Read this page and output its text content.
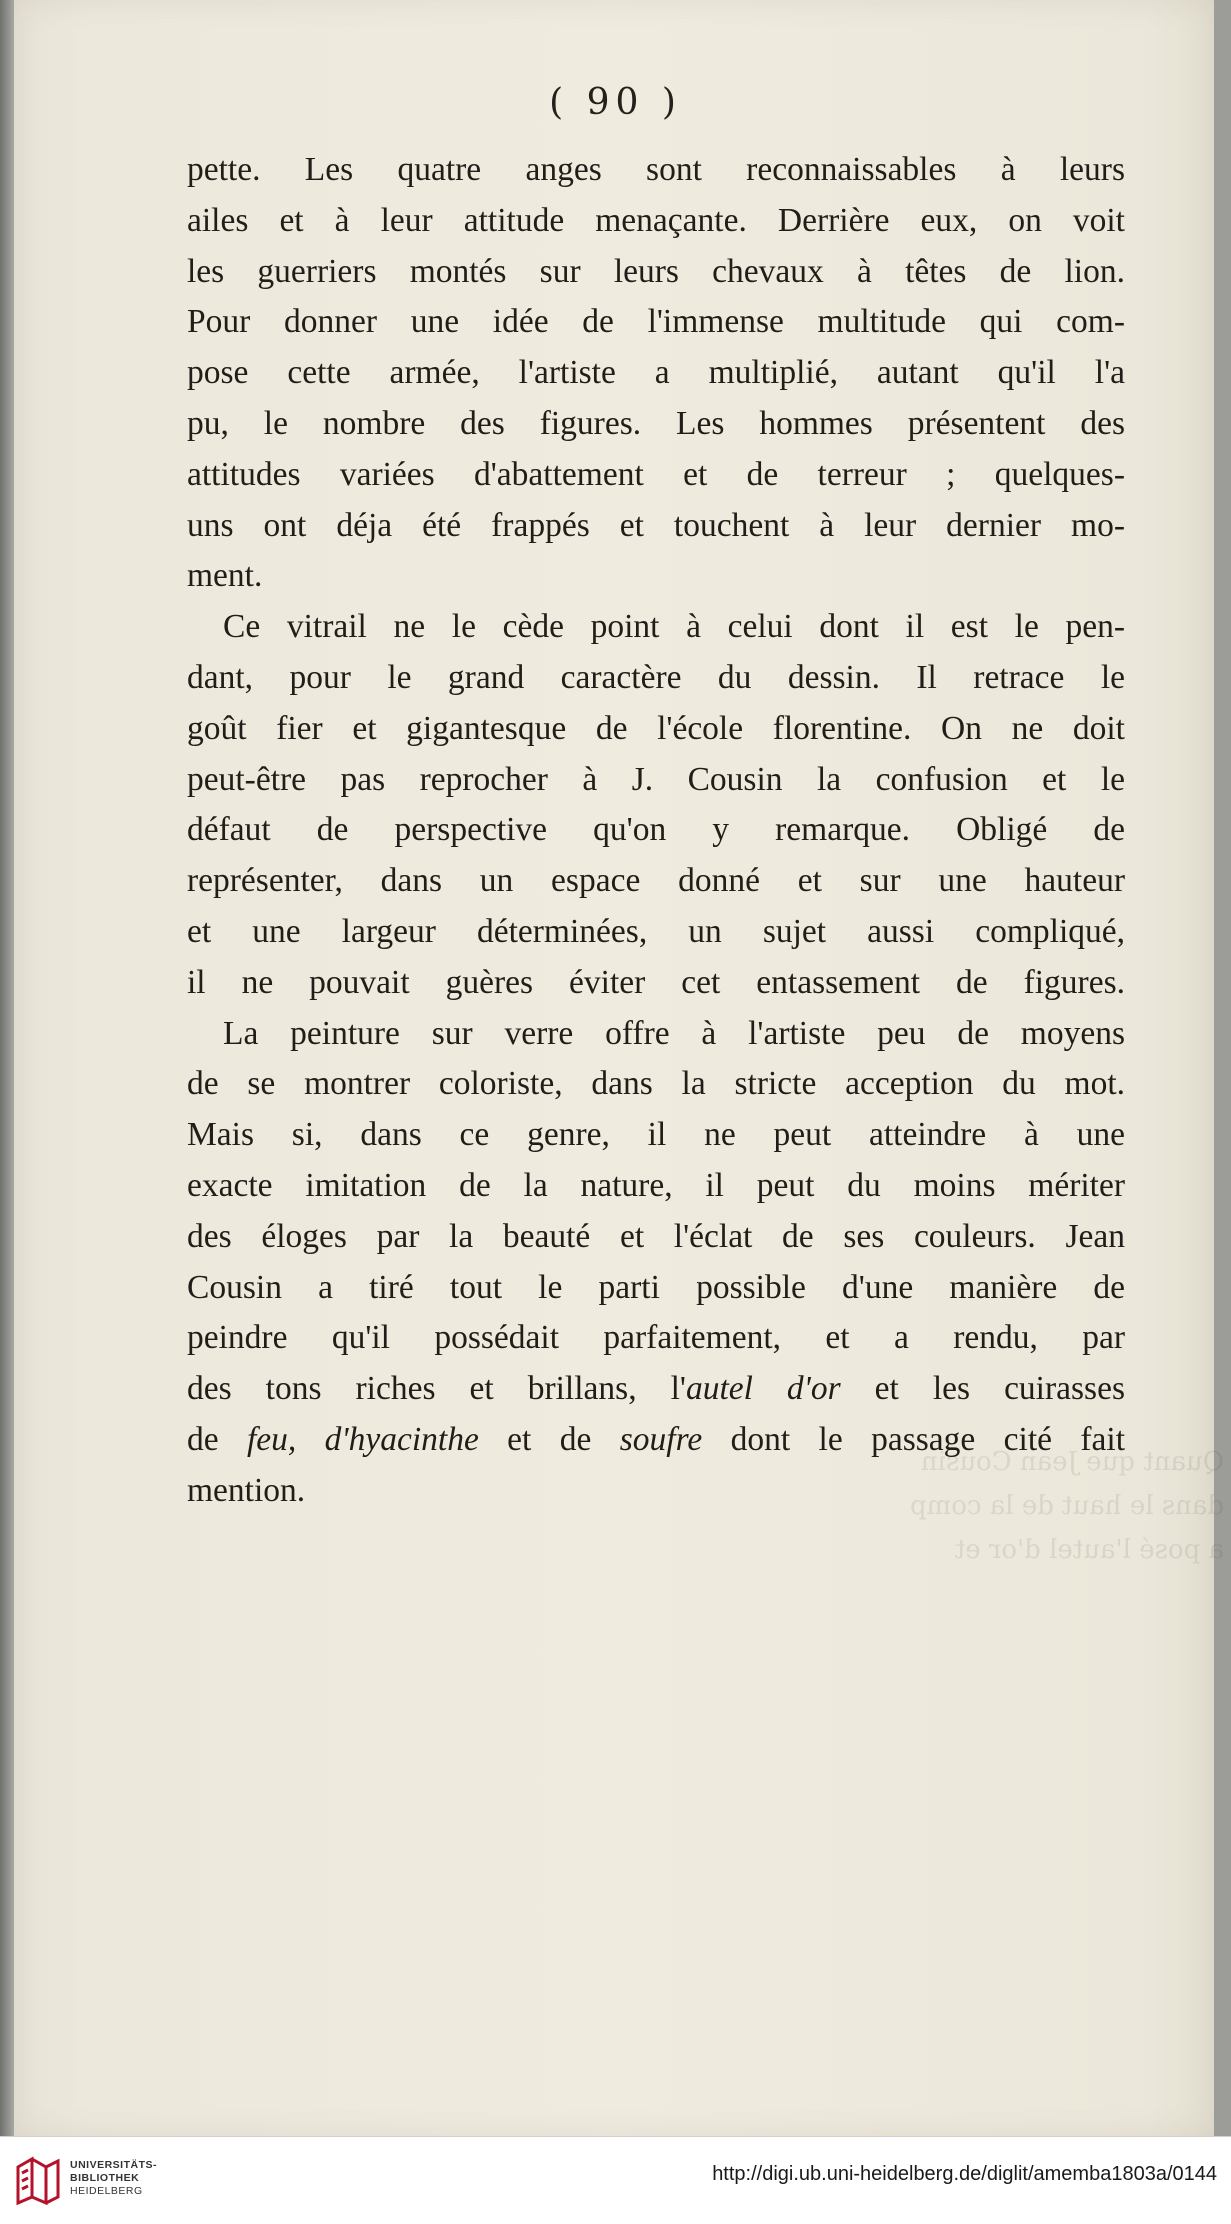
Quant que Jean Cousin
dans le haut de la comp
a posé l'autel d'or et
( 90 )
pette. Les quatre anges sont reconnaissables à leurs
ailes et à leur attitude menaçante. Derrière eux, on voit
les guerriers montés sur leurs chevaux à têtes de lion.
Pour donner une idée de l'immense multitude qui com-
pose cette armée, l'artiste a multiplié, autant qu'il l'a
pu, le nombre des figures. Les hommes présentent des
attitudes variées d'abattement et de terreur ; quelques-
uns ont déja été frappés et touchent à leur dernier mo-
ment.
Ce vitrail ne le cède point à celui dont il est le pen-
dant, pour le grand caractère du dessin. Il retrace le
goût fier et gigantesque de l'école florentine. On ne doit
peut-être pas reprocher à J. Cousin la confusion et le
défaut de perspective qu'on y remarque. Obligé de
représenter, dans un espace donné et sur une hauteur
et une largeur déterminées, un sujet aussi compliqué,
il ne pouvait guères éviter cet entassement de figures.
La peinture sur verre offre à l'artiste peu de moyens
de se montrer coloriste, dans la stricte acception du mot.
Mais si, dans ce genre, il ne peut atteindre à une
exacte imitation de la nature, il peut du moins mériter
des éloges par la beauté et l'éclat de ses couleurs. Jean
Cousin a tiré tout le parti possible d'une manière de
peindre qu'il possédait parfaitement, et a rendu, par
des tons riches et brillans, l'autel d'or et les cuirasses
de feu, d'hyacinthe et de soufre dont le passage cité fait
mention.
UNIVERSITÄTS-
BIBLIOTHEK
HEIDELBERG
http://digi.ub.uni-heidelberg.de/diglit/amemba1803a/0144
